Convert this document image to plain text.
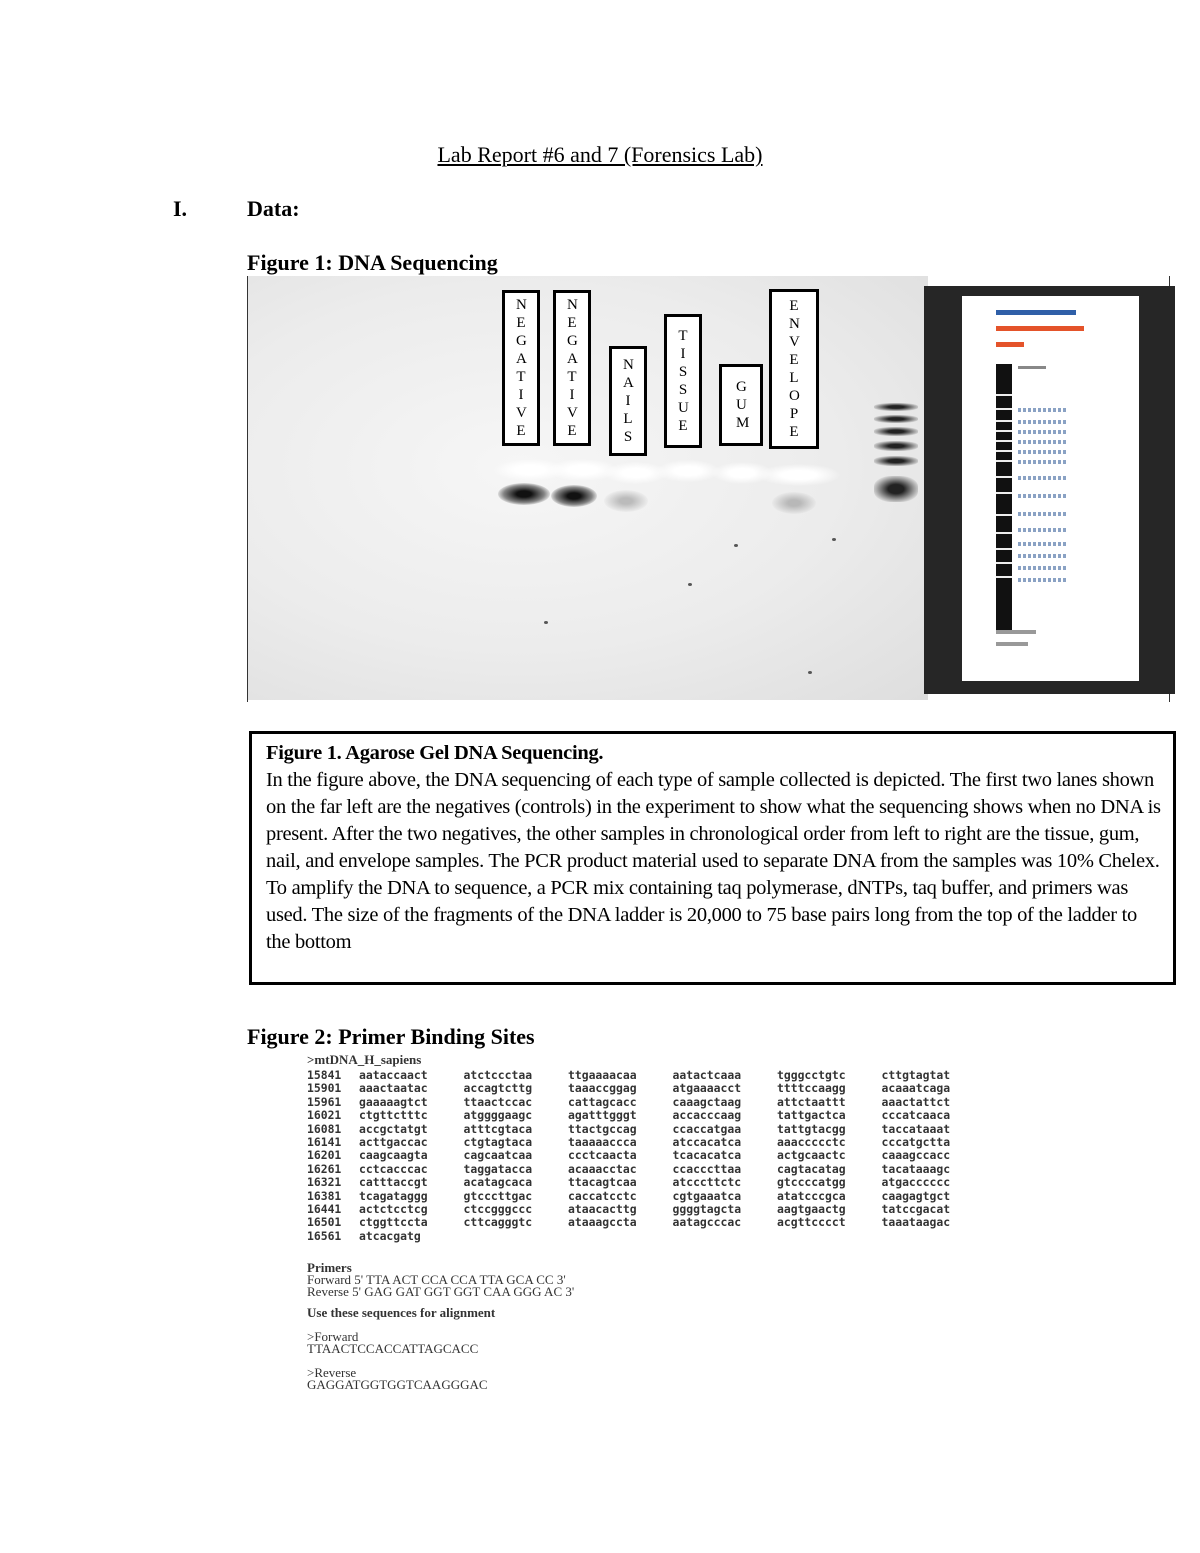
Lab Report #6 and 7 (Forensics Lab)
I.	Data:
Figure 1: DNA Sequencing
NEGATIVE
NEGATIVE
NAILS
TISSUE
GUM
ENVELOPE
Figure 1. Agarose Gel DNA Sequencing.
In the figure above, the DNA sequencing of each type of sample collected is depicted. The first two lanes shown on the far left are the negatives (controls) in the experiment to show what the sequencing shows when no DNA is present. After the two negatives, the other samples in chronological order from left to right are the tissue, gum, nail, and envelope samples. The PCR product material used to separate DNA from the samples was 10% Chelex. To amplify the DNA to sequence, a PCR mix containing taq polymerase, dNTPs, taq buffer, and primers was used. The size of the fragments of the DNA ladder is 20,000 to 75 base pairs long from the top of the ladder to the bottom
Figure 2: Primer Binding Sites
>mtDNA_H_sapiens
15841	aataccaact	atctccctaa	ttgaaaacaa	aatactcaaa	tgggcctgtc	cttgtagtat
15901	aaactaatac	accagtcttg	taaaccggag	atgaaaacct	ttttccaagg	acaaatcaga
15961	gaaaaagtct	ttaactccac	cattagcacc	caaagctaag	attctaattt	aaactattct
16021	ctgttctttc	atggggaagc	agatttgggt	accacccaag	tattgactca	cccatcaaca
16081	accgctatgt	atttcgtaca	ttactgccag	ccaccatgaa	tattgtacgg	taccataaat
16141	acttgaccac	ctgtagtaca	taaaaaccca	atccacatca	aaaccccctc	cccatgctta
16201	caagcaagta	cagcaatcaa	ccctcaacta	tcacacatca	actgcaactc	caaagccacc
16261	cctcacccac	taggatacca	acaaacctac	ccacccttaa	cagtacatag	tacataaagc
16321	catttaccgt	acatagcaca	ttacagtcaa	atcccttctc	gtccccatgg	atgacccccc
16381	tcagataggg	gtcccttgac	caccatcctc	cgtgaaatca	atatcccgca	caagagtgct
16441	actctcctcg	ctccgggccc	ataacacttg	ggggtagcta	aagtgaactg	tatccgacat
16501	ctggttccta	cttcagggtc	ataaagccta	aatagcccac	acgttcccct	taaataagac
16561	atcacgatg
Primers
Forward 5' TTA ACT CCA CCA TTA GCA CC 3'
Reverse 5' GAG GAT GGT GGT CAA GGG AC 3'
Use these sequences for alignment
>Forward
TTAACTCCACCATTAGCACC
>Reverse
GAGGATGGTGGTCAAGGGAC
